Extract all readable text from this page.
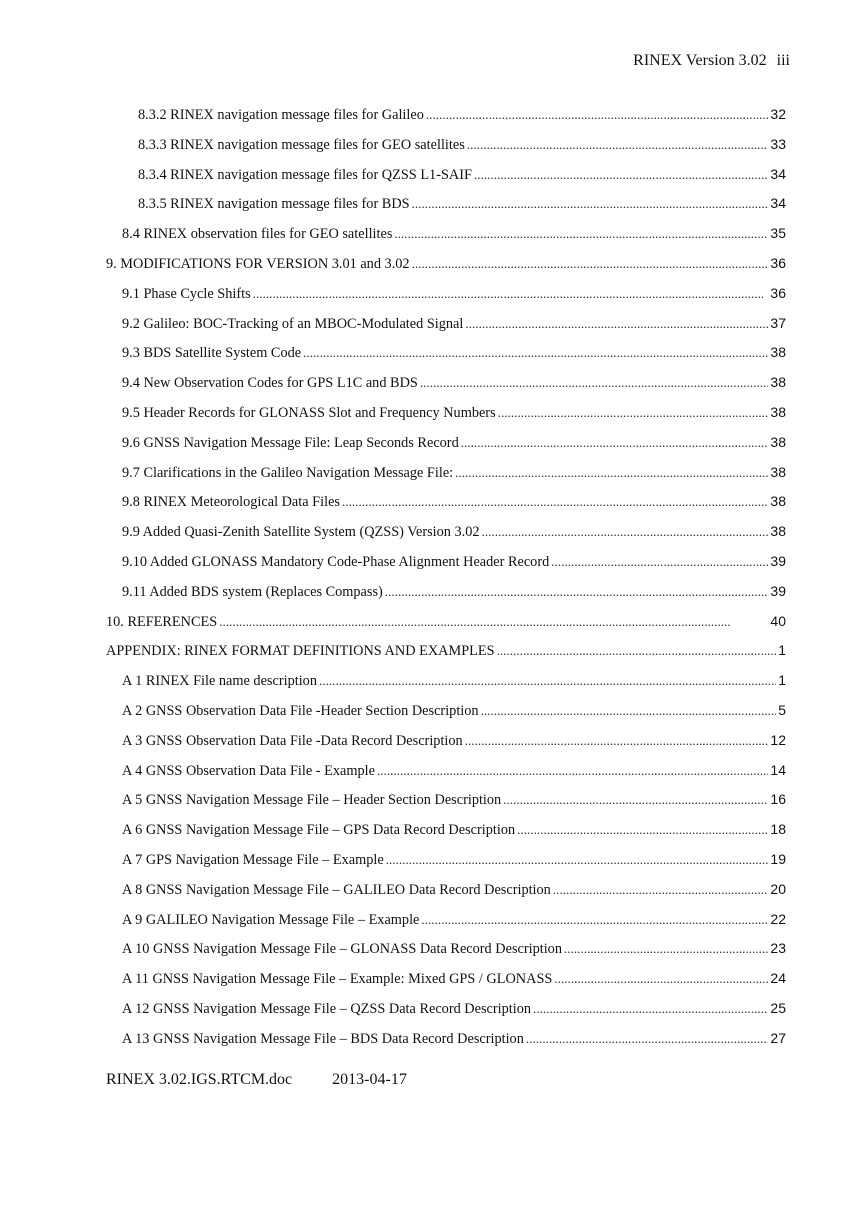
RINEX Version 3.02 iii
8.3.2 RINEX navigation message files for Galileo . . .	32
8.3.3 RINEX navigation message files for GEO satellites . . .	33
8.3.4 RINEX navigation message files for QZSS L1-SAIF . . .	34
8.3.5 RINEX navigation message files for BDS . . .	34
8.4 RINEX observation files for GEO satellites . . .	35
9. MODIFICATIONS FOR VERSION 3.01 and 3.02 . . .	36
9.1 Phase Cycle Shifts . . .	36
9.2 Galileo: BOC-Tracking of an MBOC-Modulated Signal . . .	37
9.3 BDS Satellite System Code . . .	38
9.4 New Observation Codes for GPS L1C and BDS . . .	38
9.5 Header Records for GLONASS Slot and Frequency Numbers . . .	38
9.6 GNSS Navigation Message File: Leap Seconds Record . . .	38
9.7 Clarifications in the Galileo Navigation Message File: . . .	38
9.8 RINEX Meteorological Data Files . . .	38
9.9 Added Quasi-Zenith Satellite System (QZSS) Version 3.02 . . .	38
9.10 Added GLONASS Mandatory Code-Phase Alignment Header Record . . .	39
9.11 Added BDS system (Replaces Compass) . . .	39
10. REFERENCES . . .	40
APPENDIX: RINEX FORMAT DEFINITIONS AND EXAMPLES . . .	1
A 1 RINEX File name description . . .	1
A 2 GNSS Observation Data File -Header Section Description . . .	5
A 3 GNSS Observation Data File -Data Record Description . . .	12
A 4 GNSS Observation Data File - Example . . .	14
A 5 GNSS Navigation Message File – Header Section Description . . .	16
A 6 GNSS Navigation Message File – GPS Data Record Description . . .	18
A 7 GPS Navigation Message File – Example . . .	19
A 8 GNSS Navigation Message File – GALILEO Data Record Description . . .	20
A 9 GALILEO Navigation Message File – Example . . .	22
A 10 GNSS Navigation Message File – GLONASS Data Record Description . . .	23
A 11 GNSS Navigation Message File – Example: Mixed GPS / GLONASS . . .	24
A 12 GNSS Navigation Message File – QZSS Data Record Description . . .	25
A 13 GNSS Navigation Message File – BDS Data Record Description . . .	27
RINEX 3.02.IGS.RTCM.doc	2013-04-17
